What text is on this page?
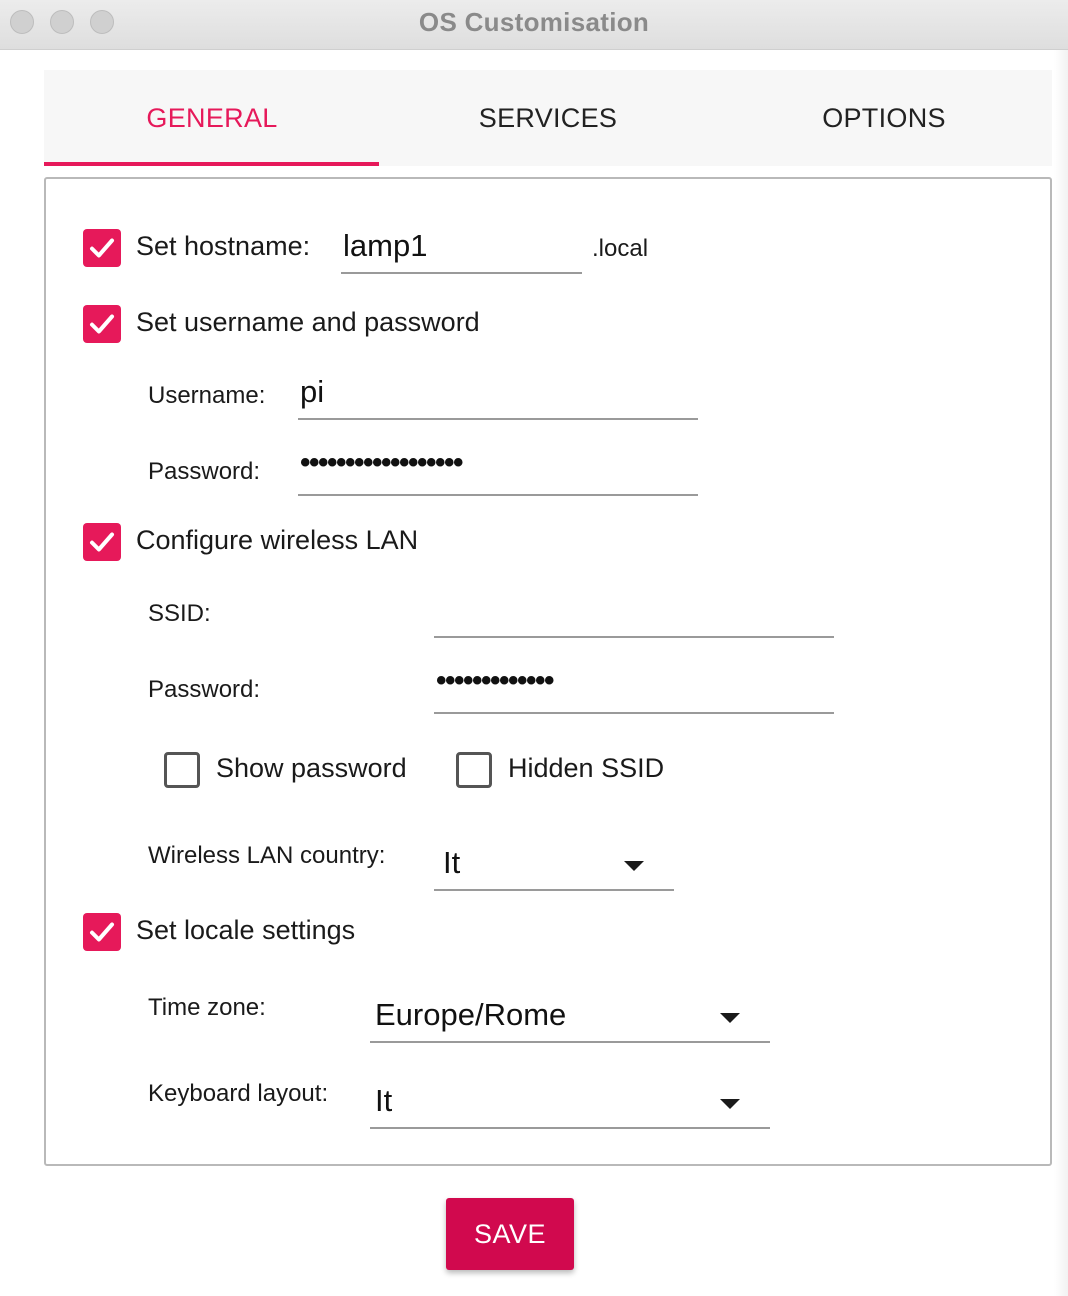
OS Customisation
GENERAL	SERVICES	OPTIONS
Set hostname: lamp1	.local
Set username and password
Username: pi
Password: ••••••••••••••••••
Configure wireless LAN
SSID:
Password:	•••••••••••••
Show password	Hidden SSID
Wireless LAN country: It
Set locale settings
Time zone:	Europe/Rome
Keyboard layout: It
SAVE
